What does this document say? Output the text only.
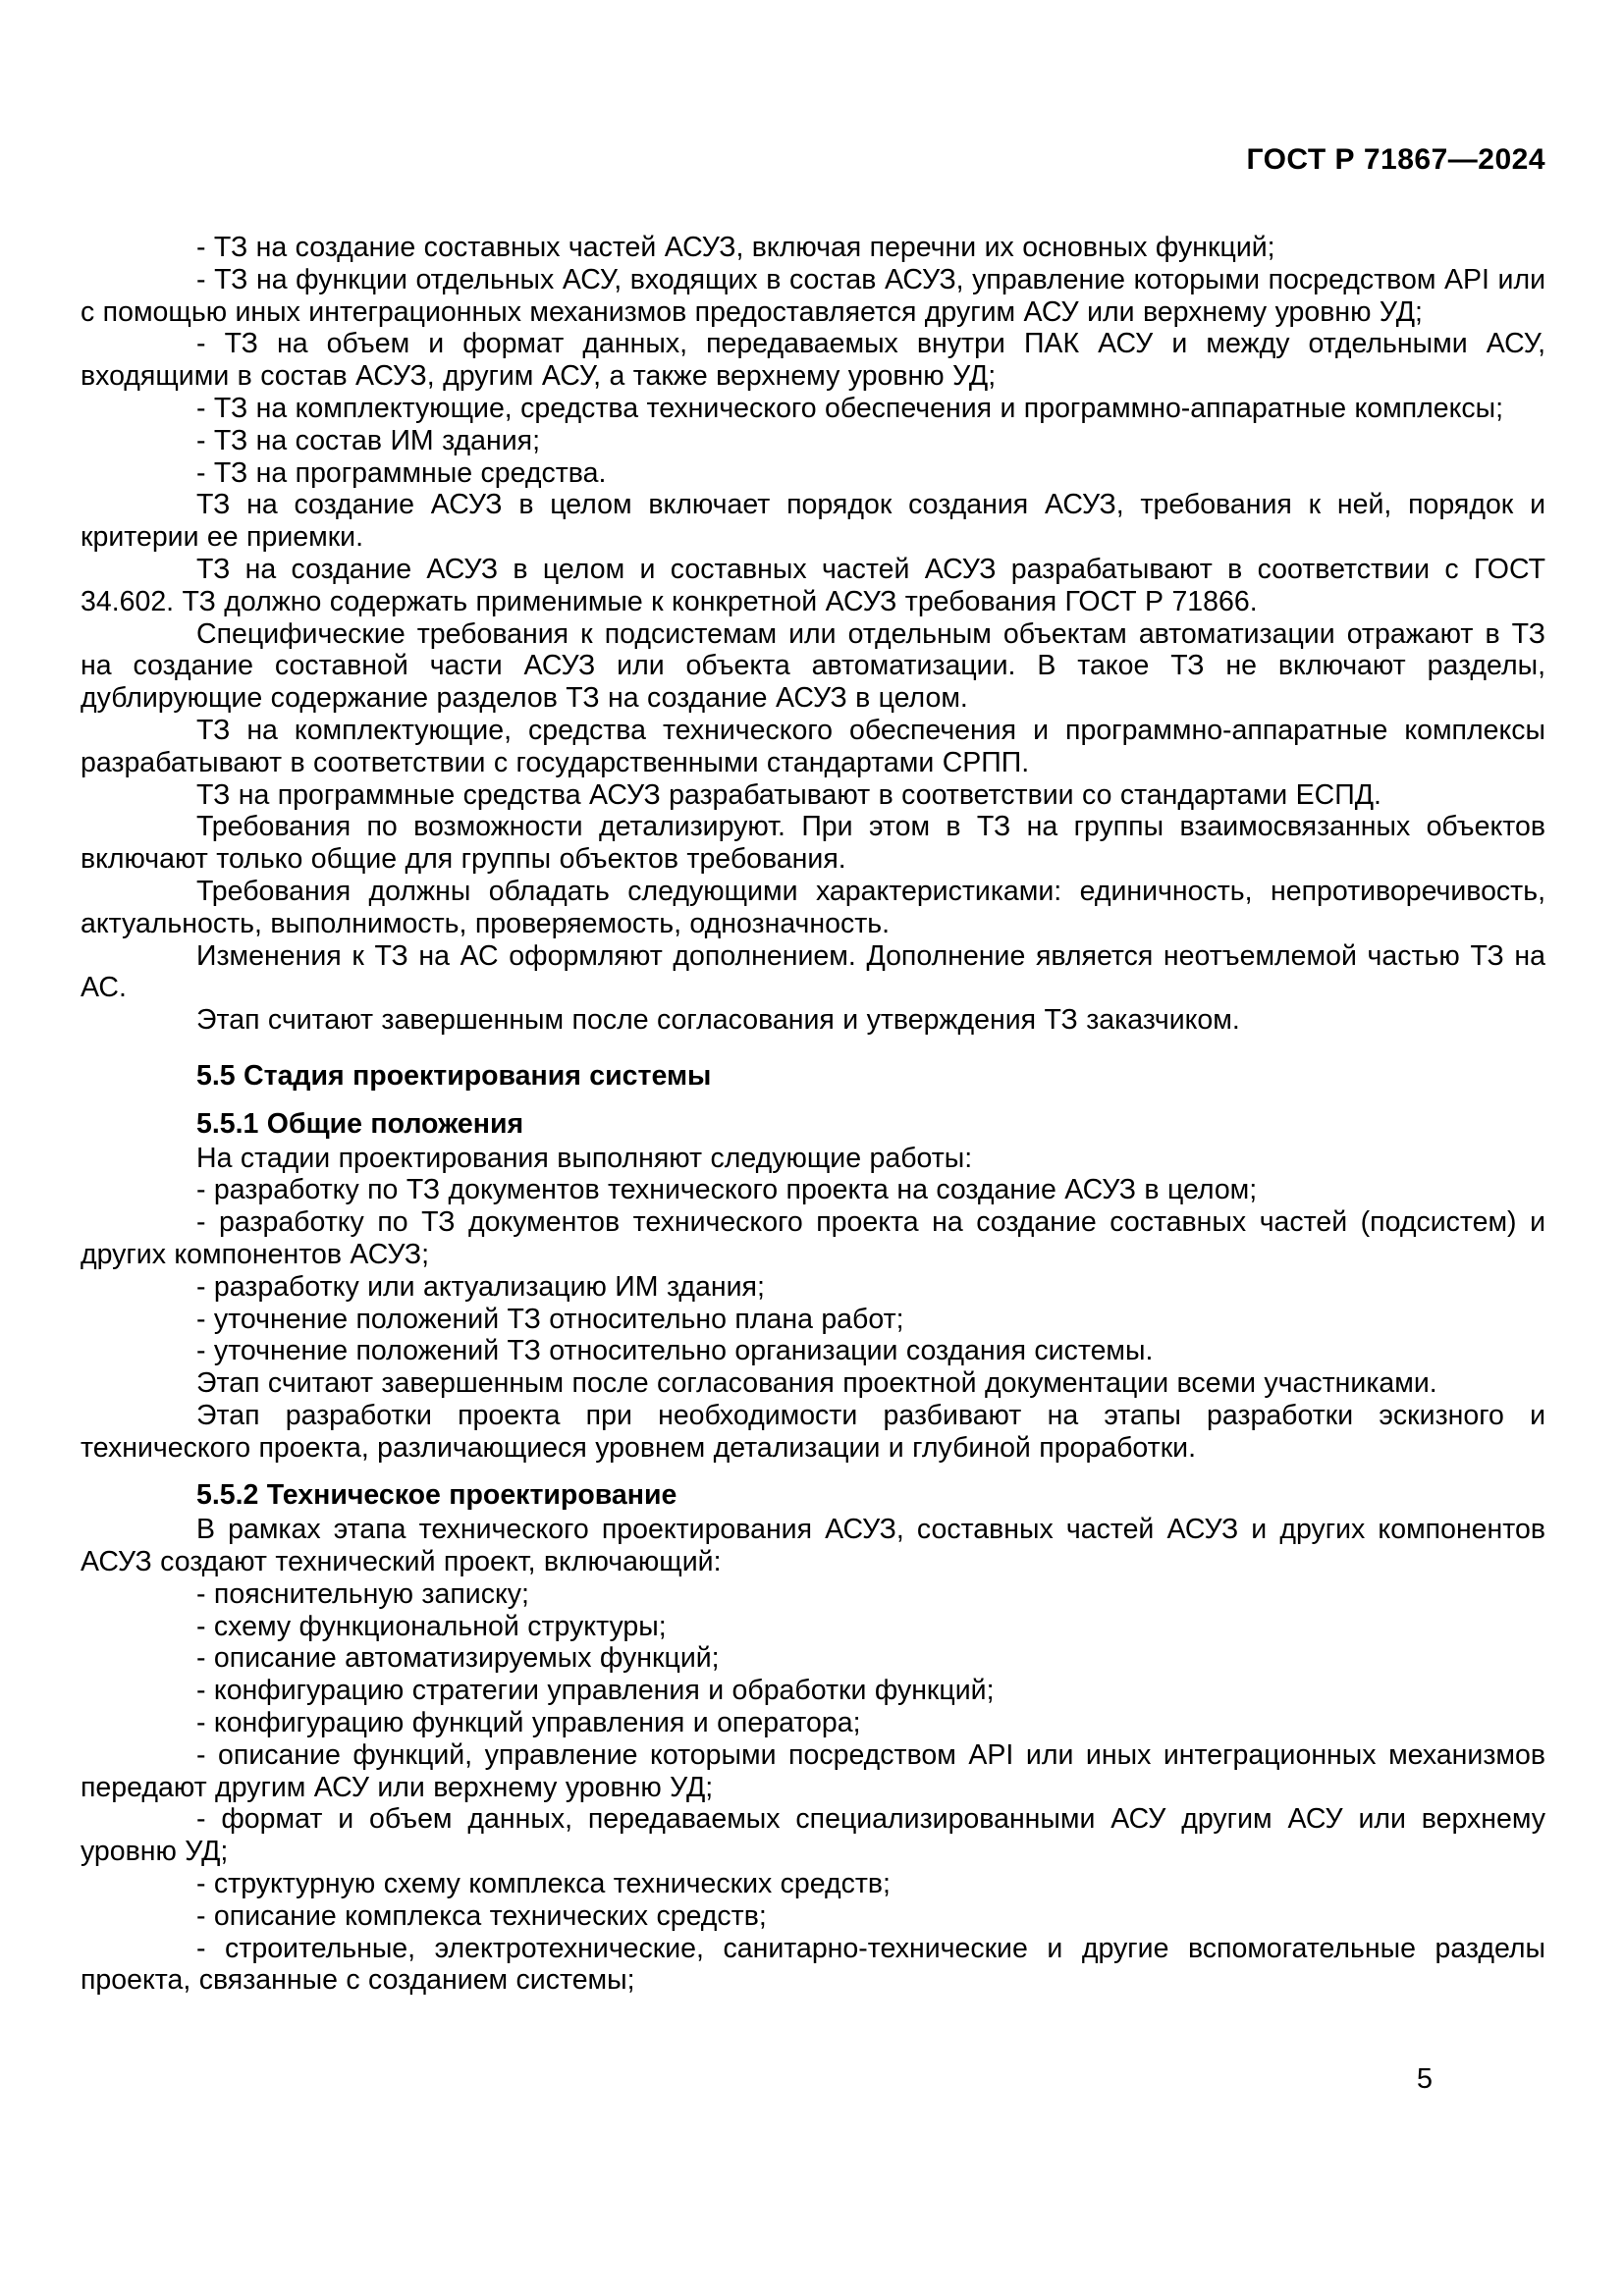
ГОСТ Р 71867—2024

- ТЗ на создание составных частей АСУЗ, включая перечни их основных функций;

- ТЗ на функции отдельных АСУ, входящих в состав АСУЗ, управление которыми посредством API или с помощью иных интеграционных механизмов предоставляется другим АСУ или верхнему уровню УД;

- ТЗ на объем и формат данных, передаваемых внутри ПАК АСУ и между отдельными АСУ, входящими в состав АСУЗ, другим АСУ, а также верхнему уровню УД;

- ТЗ на комплектующие, средства технического обеспечения и программно-аппаратные комплексы;

- ТЗ на состав ИМ здания;

- ТЗ на программные средства.

ТЗ на создание АСУЗ в целом включает порядок создания АСУЗ, требования к ней, порядок и критерии ее приемки.

ТЗ на создание АСУЗ в целом и составных частей АСУЗ разрабатывают в соответствии с ГОСТ 34.602. ТЗ должно содержать применимые к конкретной АСУЗ требования ГОСТ Р 71866.

Специфические требования к подсистемам или отдельным объектам автоматизации отражают в ТЗ на создание составной части АСУЗ или объекта автоматизации. В такое ТЗ не включают разделы, дублирующие содержание разделов ТЗ на создание АСУЗ в целом.

ТЗ на комплектующие, средства технического обеспечения и программно-аппаратные комплексы разрабатывают в соответствии с государственными стандартами СРПП.

ТЗ на программные средства АСУЗ разрабатывают в соответствии со стандартами ЕСПД.

Требования по возможности детализируют. При этом в ТЗ на группы взаимосвязанных объектов включают только общие для группы объектов требования.

Требования должны обладать следующими характеристиками: единичность, непротиворечивость, актуальность, выполнимость, проверяемость, однозначность.

Изменения к ТЗ на АС оформляют дополнением. Дополнение является неотъемлемой частью ТЗ на АС.

Этап считают завершенным после согласования и утверждения ТЗ заказчиком.

5.5 Стадия проектирования системы

5.5.1 Общие положения

На стадии проектирования выполняют следующие работы:

- разработку по ТЗ документов технического проекта на создание АСУЗ в целом;

- разработку по ТЗ документов технического проекта на создание составных частей (подсистем) и других компонентов АСУЗ;

- разработку или актуализацию ИМ здания;

- уточнение положений ТЗ относительно плана работ;

- уточнение положений ТЗ относительно организации создания системы.

Этап считают завершенным после согласования проектной документации всеми участниками.

Этап разработки проекта при необходимости разбивают на этапы разработки эскизного и технического проекта, различающиеся уровнем детализации и глубиной проработки.

5.5.2 Техническое проектирование

В рамках этапа технического проектирования АСУЗ, составных частей АСУЗ и других компонентов АСУЗ создают технический проект, включающий:

- пояснительную записку;

- схему функциональной структуры;

- описание автоматизируемых функций;

- конфигурацию стратегии управления и обработки функций;

- конфигурацию функций управления и оператора;

- описание функций, управление которыми посредством API или иных интеграционных механизмов передают другим АСУ или верхнему уровню УД;

- формат и объем данных, передаваемых специализированными АСУ другим АСУ или верхнему уровню УД;

- структурную схему комплекса технических средств;

- описание комплекса технических средств;

- строительные, электротехнические, санитарно-технические и другие вспомогательные разделы проекта, связанные с созданием системы;

5
